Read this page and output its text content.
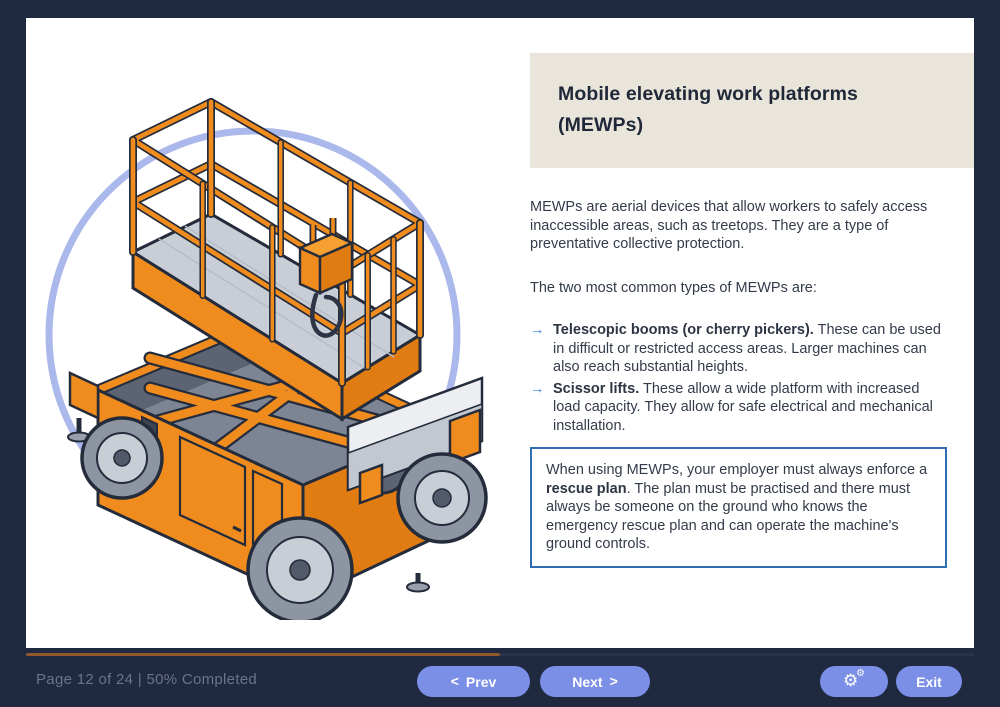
Mobile elevating work platforms (MEWPs)

MEWPs are aerial devices that allow workers to safely access inaccessible areas, such as treetops. They are a type of preventative collective protection.

The two most common types of MEWPs are:

→ Telescopic booms (or cherry pickers). These can be used in difficult or restricted access areas. Larger machines can also reach substantial heights.
→ Scissor lifts. These allow a wide platform with increased load capacity. They allow for safe electrical and mechanical installation.
When using MEWPs, your employer must always enforce a rescue plan. The plan must be practised and there must always be someone on the ground who knows the emergency rescue plan and can operate the machine's ground controls.
Page 12 of 24 | 50% Completed	< Prev	Next >	⚙
⚙
Exit
